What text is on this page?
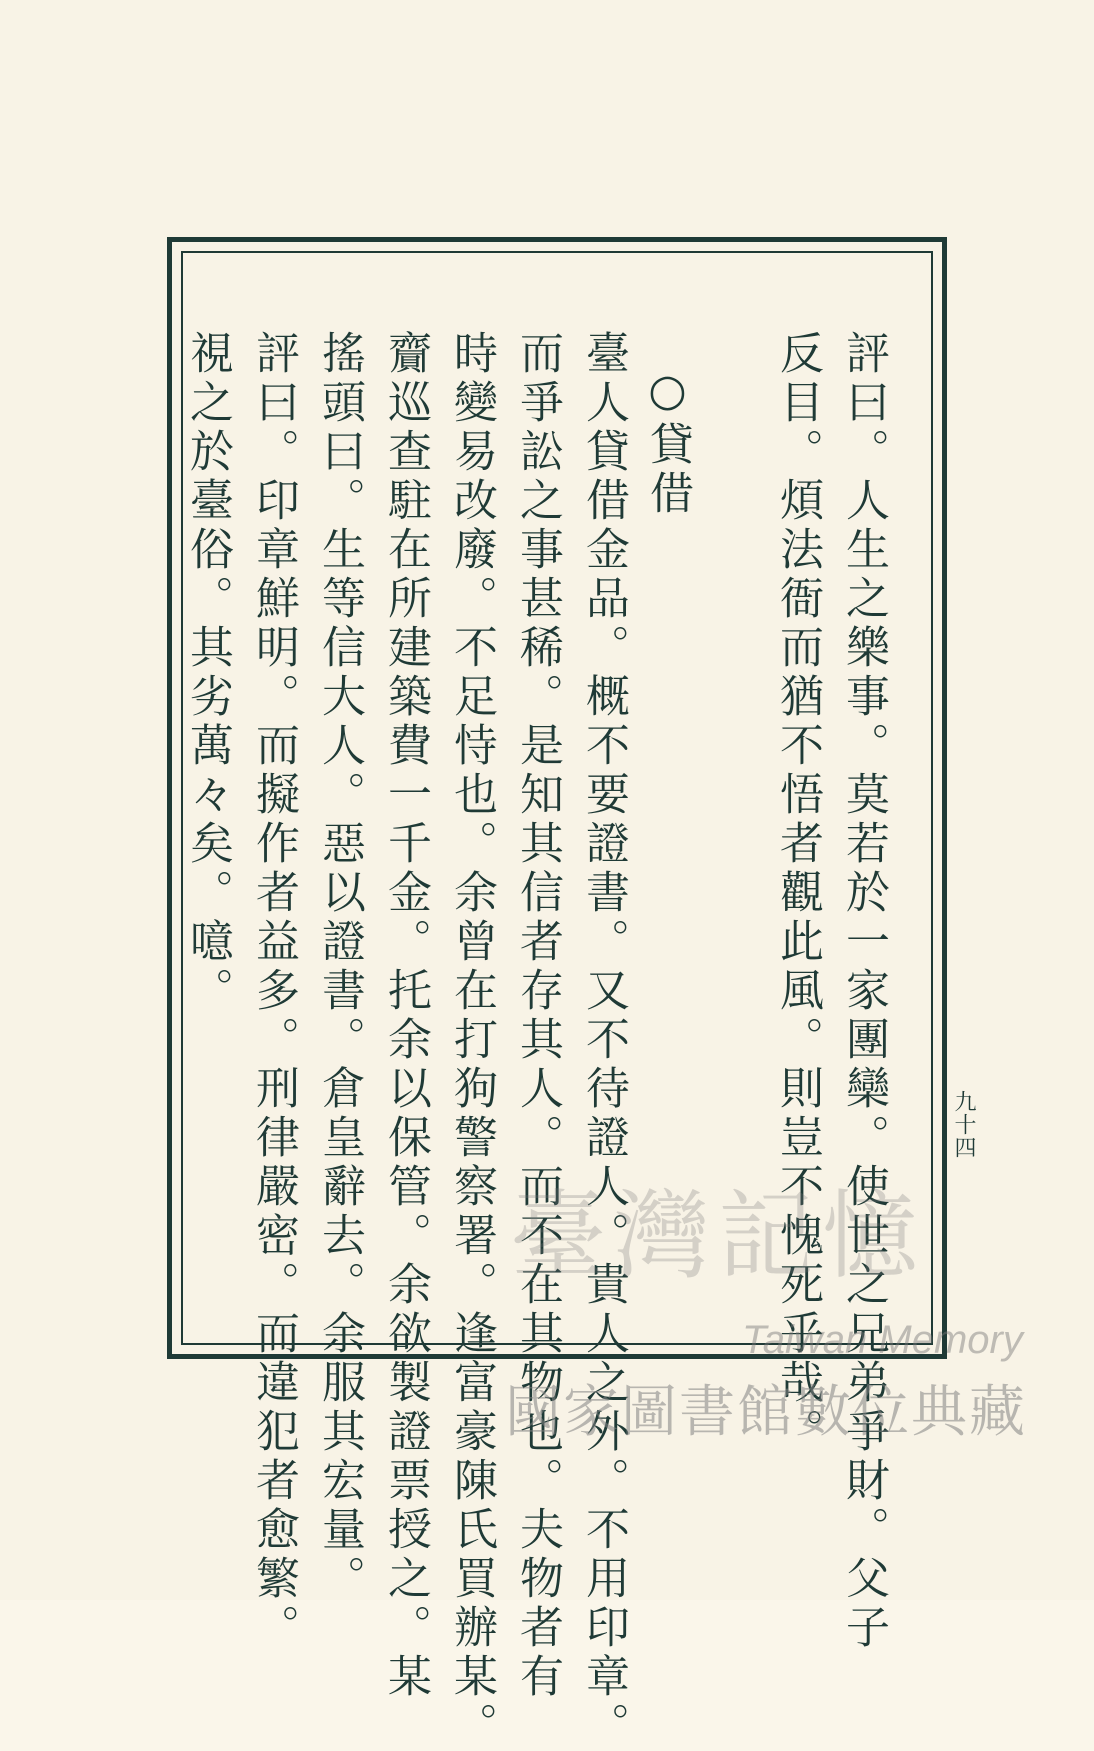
評曰。人生之樂事。莫若於一家團欒。使世之兄弟爭財。父子
反目。煩法衙而猶不悟者觀此風。則豈不愧死乎哉。
○貸借
臺人貸借金品。概不要證書。又不待證人。貴人之外。不用印章。
而爭訟之事甚稀。是知其信者存其人。而不在其物也。夫物者有
時變易改廢。不足恃也。余曾在打狗警察署。逢富豪陳氏買辦某。
齎巡查駐在所建築費一千金。托余以保管。余欲製證票授之。某
搖頭曰。生等信大人。惡以證書。倉皇辭去。余服其宏量。
評曰。印章鮮明。而擬作者益多。刑律嚴密。而違犯者愈繁。
視之於臺俗。其劣萬々矣。噫。
九十四
臺灣記憶
Taiwan Memory
國家圖書館數位典藏
